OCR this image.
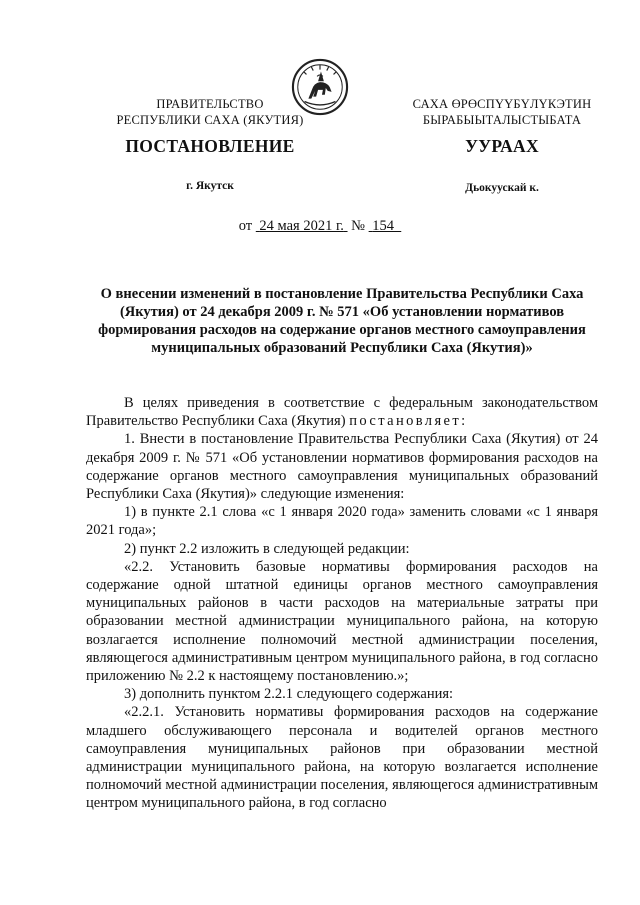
ПРАВИТЕЛЬСТВО
РЕСПУБЛИКИ САХА (ЯКУТИЯ)
САХА ӨРӨСПҮҮБҮЛҮКЭТИН
БЫРАБЫЫТАЛЫСТЫБАТА
ПОСТАНОВЛЕНИЕ	УУРААХ
г. Якутск	Дьокуускай к.
от 24 мая 2021 г. № 154
О внесении изменений в постановление Правительства Республики Саха (Якутия) от 24 декабря 2009 г. № 571 «Об установлении нормативов формирования расходов на содержание органов местного самоуправления муниципальных образований Республики Саха (Якутия)»

В целях приведения в соответствие с федеральным законодательством Правительство Республики Саха (Якутия) постановляет:

1. Внести в постановление Правительства Республики Саха (Якутия) от 24 декабря 2009 г. № 571 «Об установлении нормативов формирования расходов на содержание органов местного самоуправления муниципальных образований Республики Саха (Якутия)» следующие изменения:

1) в пункте 2.1 слова «с 1 января 2020 года» заменить словами «с 1 января 2021 года»;

2) пункт 2.2 изложить в следующей редакции:

«2.2. Установить базовые нормативы формирования расходов на содержание одной штатной единицы органов местного самоуправления муниципальных районов в части расходов на материальные затраты при образовании местной администрации муниципального района, на которую возлагается исполнение полномочий местной администрации поселения, являющегося административным центром муниципального района, в год согласно приложению № 2.2 к настоящему постановлению.»;

3) дополнить пунктом 2.2.1 следующего содержания:

«2.2.1. Установить нормативы формирования расходов на содержание младшего обслуживающего персонала и водителей органов местного самоуправления муниципальных районов при образовании местной администрации муниципального района, на которую возлагается исполнение полномочий местной администрации поселения, являющегося административным центром муниципального района, в год согласно
